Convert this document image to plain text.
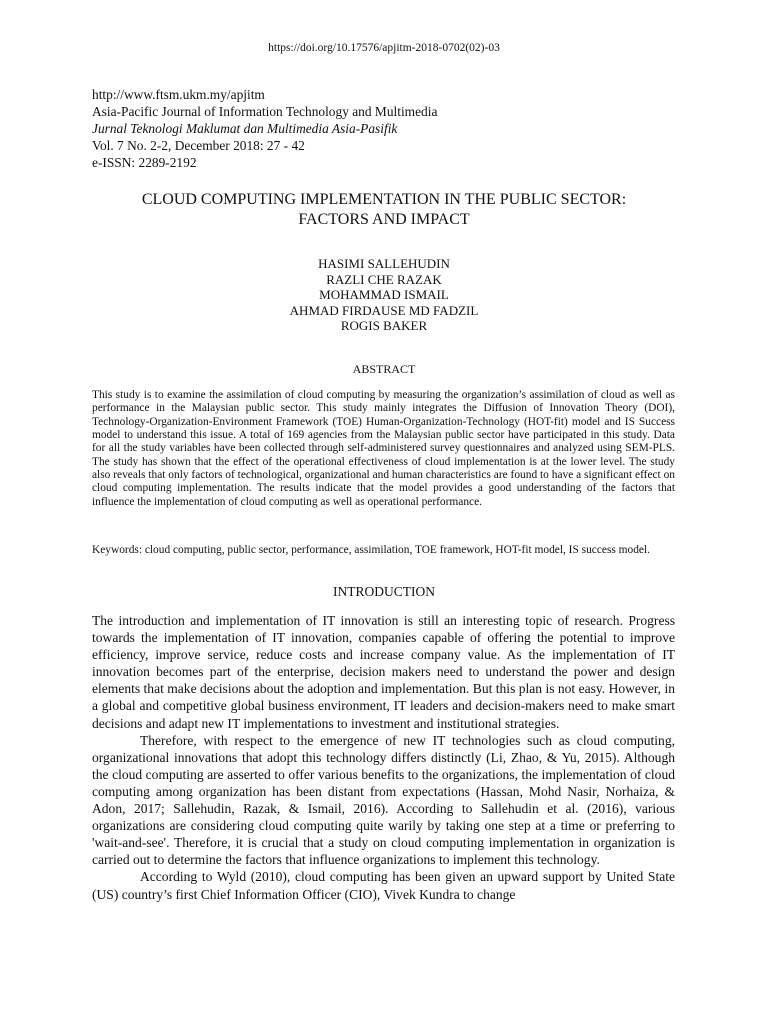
https://doi.org/10.17576/apjitm-2018-0702(02)-03
http://www.ftsm.ukm.my/apjitm
Asia-Pacific Journal of Information Technology and Multimedia
Jurnal Teknologi Maklumat dan Multimedia Asia-Pasifik
Vol. 7 No. 2-2, December 2018: 27 - 42
e-ISSN: 2289-2192
CLOUD COMPUTING IMPLEMENTATION IN THE PUBLIC SECTOR:
FACTORS AND IMPACT
HASIMI SALLEHUDIN
RAZLI CHE RAZAK
MOHAMMAD ISMAIL
AHMAD FIRDAUSE MD FADZIL
ROGIS BAKER
ABSTRACT
This study is to examine the assimilation of cloud computing by measuring the organization’s assimilation of cloud as well as performance in the Malaysian public sector. This study mainly integrates the Diffusion of Innovation Theory (DOI), Technology-Organization-Environment Framework (TOE) Human-Organization-Technology (HOT-fit) model and IS Success model to understand this issue. A total of 169 agencies from the Malaysian public sector have participated in this study. Data for all the study variables have been collected through self-administered survey questionnaires and analyzed using SEM-PLS. The study has shown that the effect of the operational effectiveness of cloud implementation is at the lower level. The study also reveals that only factors of technological, organizational and human characteristics are found to have a significant effect on cloud computing implementation. The results indicate that the model provides a good understanding of the factors that influence the implementation of cloud computing as well as operational performance.
Keywords: cloud computing, public sector, performance, assimilation, TOE framework, HOT-fit model, IS success model.
INTRODUCTION

The introduction and implementation of IT innovation is still an interesting topic of research. Progress towards the implementation of IT innovation, companies capable of offering the potential to improve efficiency, improve service, reduce costs and increase company value. As the implementation of IT innovation becomes part of the enterprise, decision makers need to understand the power and design elements that make decisions about the adoption and implementation. But this plan is not easy. However, in a global and competitive global business environment, IT leaders and decision-makers need to make smart decisions and adapt new IT implementations to investment and institutional strategies.

Therefore, with respect to the emergence of new IT technologies such as cloud computing, organizational innovations that adopt this technology differs distinctly (Li, Zhao, & Yu, 2015). Although the cloud computing are asserted to offer various benefits to the organizations, the implementation of cloud computing among organization has been distant from expectations (Hassan, Mohd Nasir, Norhaiza, & Adon, 2017; Sallehudin, Razak, & Ismail, 2016). According to Sallehudin et al. (2016), various organizations are considering cloud computing quite warily by taking one step at a time or preferring to 'wait-and-see'. Therefore, it is crucial that a study on cloud computing implementation in organization is carried out to determine the factors that influence organizations to implement this technology.

According to Wyld (2010), cloud computing has been given an upward support by United State (US) country’s first Chief Information Officer (CIO), Vivek Kundra to change
